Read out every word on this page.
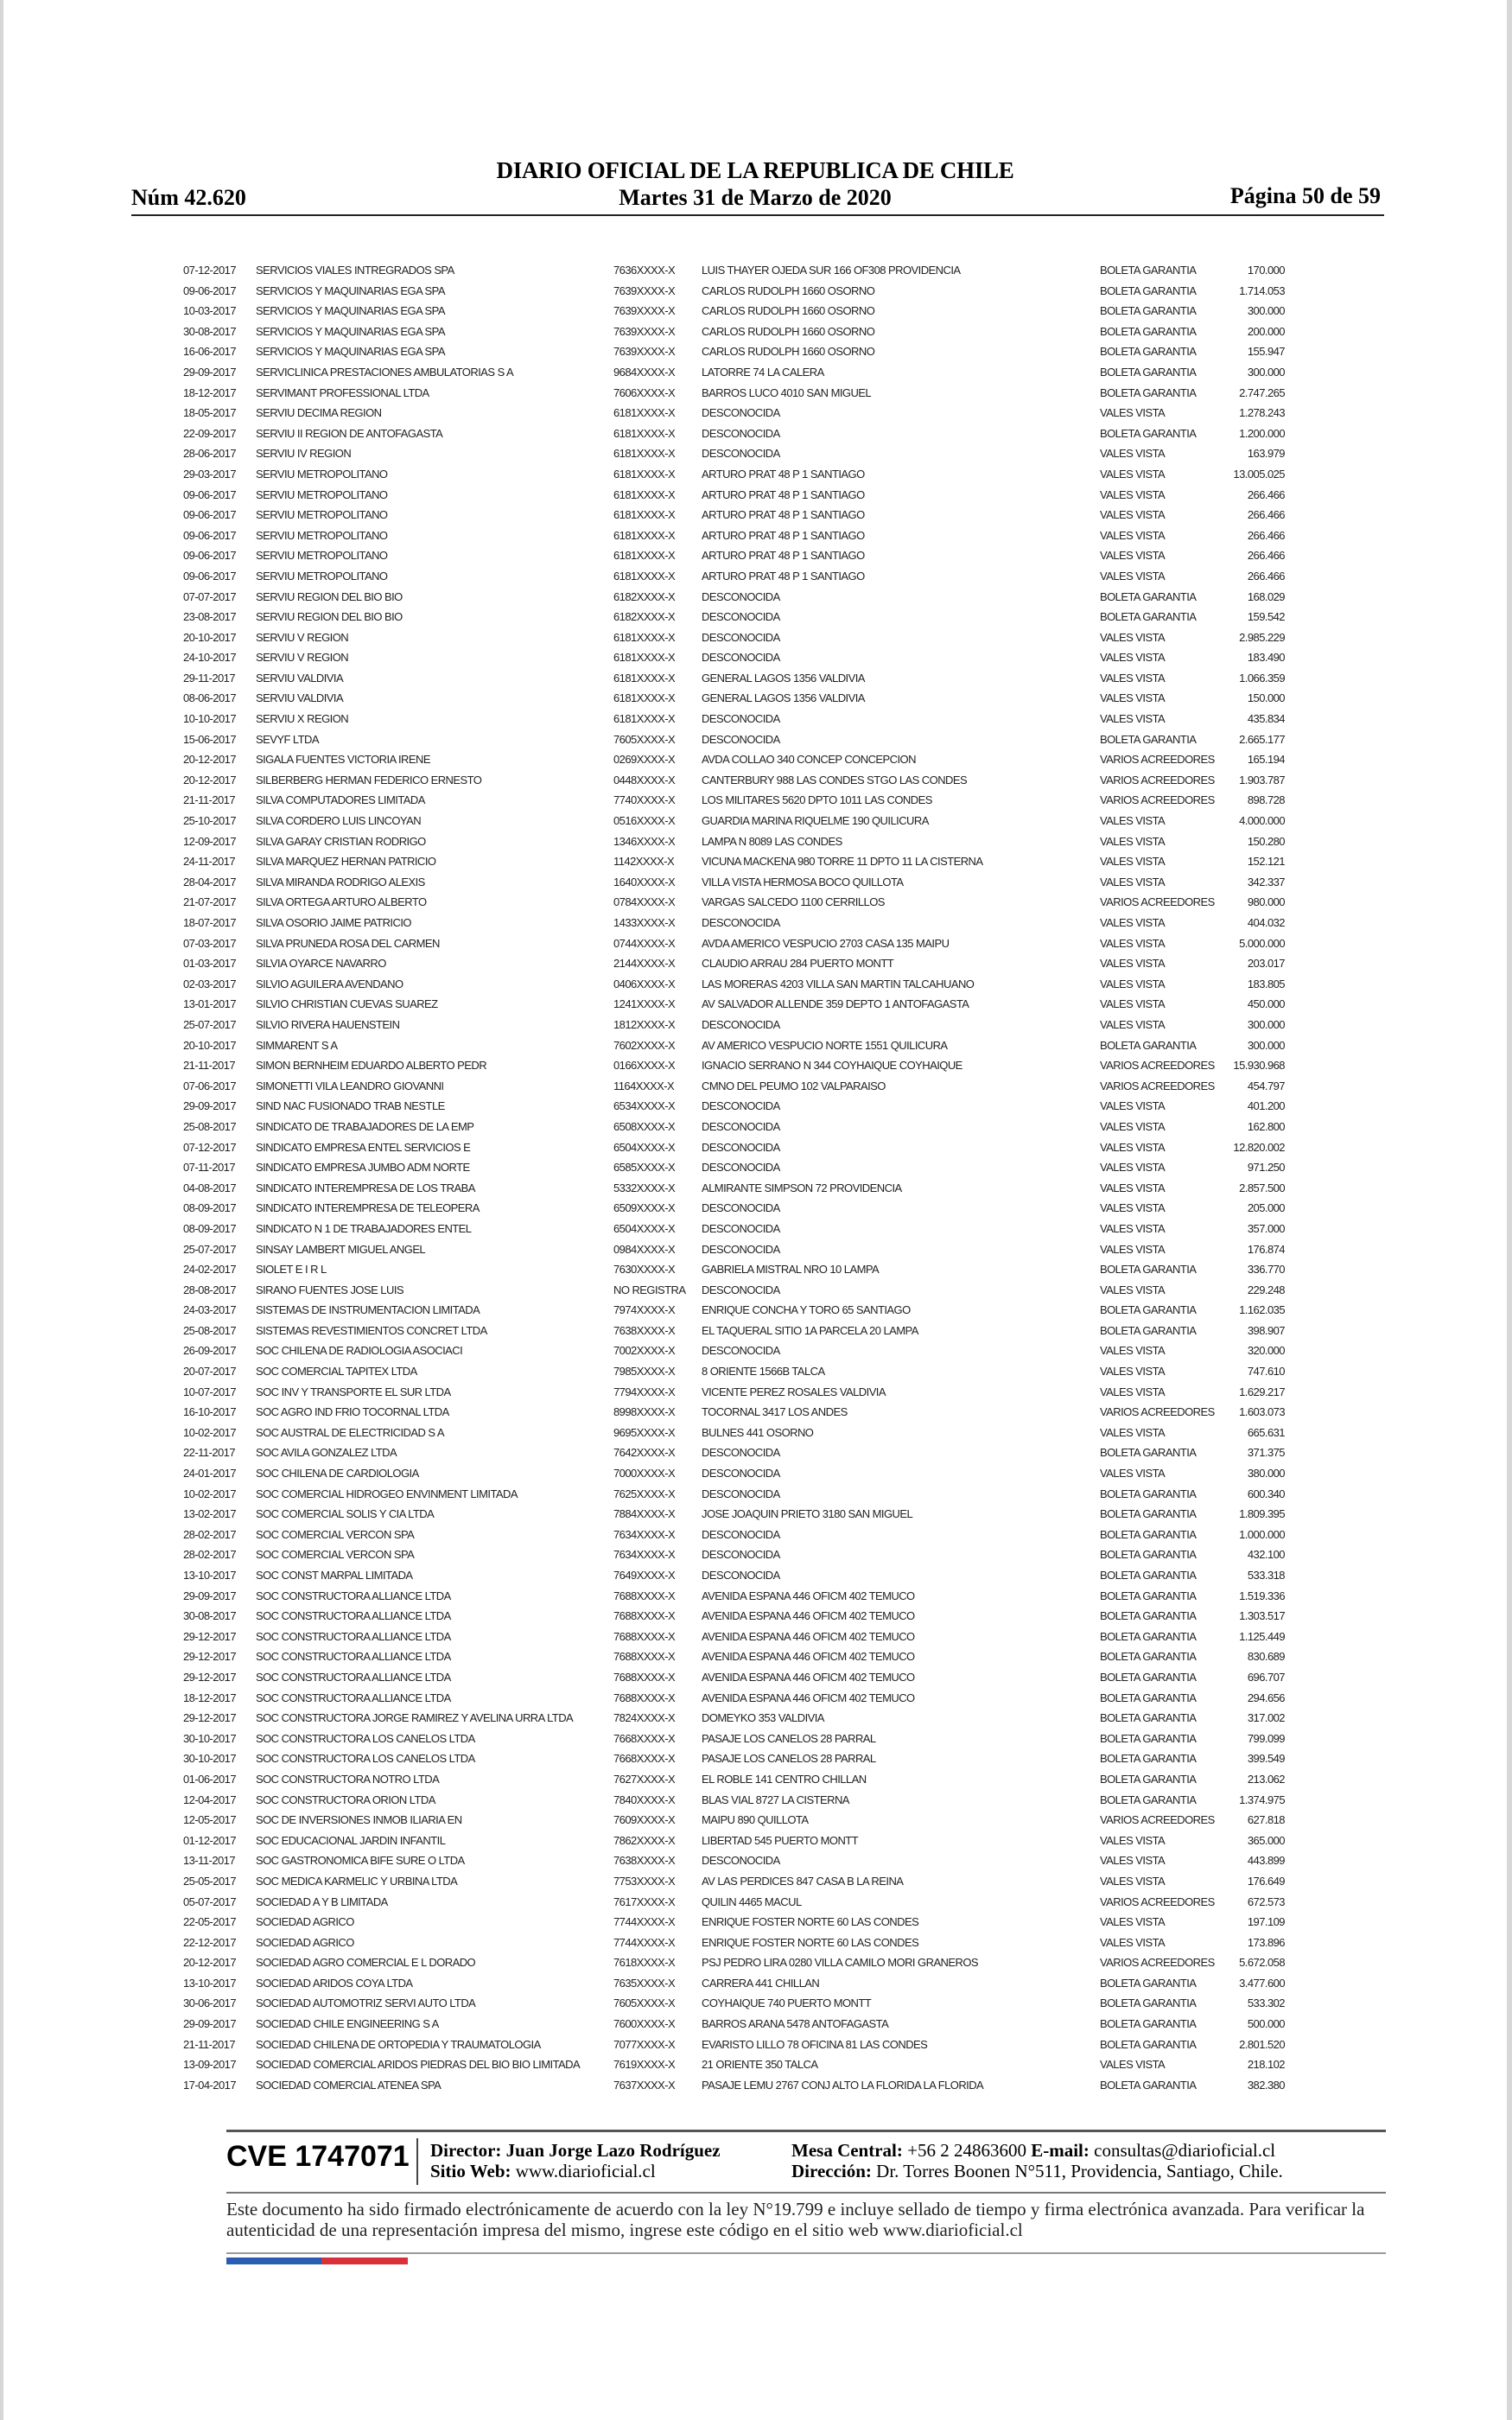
DIARIO OFICIAL DE LA REPUBLICA DE CHILE
Núm 42.620	Martes 31 de Marzo de 2020	Página 50 de 59
07-12-2017	SERVICIOS VIALES INTREGRADOS SPA	7636XXXX-X	LUIS THAYER OJEDA SUR 166 OF308 PROVIDENCIA	BOLETA GARANTIA	170.000
09-06-2017	SERVICIOS Y MAQUINARIAS EGA SPA	7639XXXX-X	CARLOS RUDOLPH 1660 OSORNO	BOLETA GARANTIA	1.714.053
10-03-2017	SERVICIOS Y MAQUINARIAS EGA SPA	7639XXXX-X	CARLOS RUDOLPH 1660 OSORNO	BOLETA GARANTIA	300.000
30-08-2017	SERVICIOS Y MAQUINARIAS EGA SPA	7639XXXX-X	CARLOS RUDOLPH 1660 OSORNO	BOLETA GARANTIA	200.000
16-06-2017	SERVICIOS Y MAQUINARIAS EGA SPA	7639XXXX-X	CARLOS RUDOLPH 1660 OSORNO	BOLETA GARANTIA	155.947
29-09-2017	SERVICLINICA PRESTACIONES AMBULATORIAS S A	9684XXXX-X	LATORRE 74 LA CALERA	BOLETA GARANTIA	300.000
18-12-2017	SERVIMANT PROFESSIONAL LTDA	7606XXXX-X	BARROS LUCO 4010 SAN MIGUEL	BOLETA GARANTIA	2.747.265
18-05-2017	SERVIU DECIMA REGION	6181XXXX-X	DESCONOCIDA	VALES VISTA	1.278.243
22-09-2017	SERVIU II REGION DE ANTOFAGASTA	6181XXXX-X	DESCONOCIDA	BOLETA GARANTIA	1.200.000
28-06-2017	SERVIU IV REGION	6181XXXX-X	DESCONOCIDA	VALES VISTA	163.979
29-03-2017	SERVIU METROPOLITANO	6181XXXX-X	ARTURO PRAT 48 P 1 SANTIAGO	VALES VISTA	13.005.025
09-06-2017	SERVIU METROPOLITANO	6181XXXX-X	ARTURO PRAT 48 P 1 SANTIAGO	VALES VISTA	266.466
09-06-2017	SERVIU METROPOLITANO	6181XXXX-X	ARTURO PRAT 48 P 1 SANTIAGO	VALES VISTA	266.466
09-06-2017	SERVIU METROPOLITANO	6181XXXX-X	ARTURO PRAT 48 P 1 SANTIAGO	VALES VISTA	266.466
09-06-2017	SERVIU METROPOLITANO	6181XXXX-X	ARTURO PRAT 48 P 1 SANTIAGO	VALES VISTA	266.466
09-06-2017	SERVIU METROPOLITANO	6181XXXX-X	ARTURO PRAT 48 P 1 SANTIAGO	VALES VISTA	266.466
07-07-2017	SERVIU REGION DEL BIO BIO	6182XXXX-X	DESCONOCIDA	BOLETA GARANTIA	168.029
23-08-2017	SERVIU REGION DEL BIO BIO	6182XXXX-X	DESCONOCIDA	BOLETA GARANTIA	159.542
20-10-2017	SERVIU V REGION	6181XXXX-X	DESCONOCIDA	VALES VISTA	2.985.229
24-10-2017	SERVIU V REGION	6181XXXX-X	DESCONOCIDA	VALES VISTA	183.490
29-11-2017	SERVIU VALDIVIA	6181XXXX-X	GENERAL LAGOS 1356 VALDIVIA	VALES VISTA	1.066.359
08-06-2017	SERVIU VALDIVIA	6181XXXX-X	GENERAL LAGOS 1356 VALDIVIA	VALES VISTA	150.000
10-10-2017	SERVIU X REGION	6181XXXX-X	DESCONOCIDA	VALES VISTA	435.834
15-06-2017	SEVYF LTDA	7605XXXX-X	DESCONOCIDA	BOLETA GARANTIA	2.665.177
20-12-2017	SIGALA FUENTES VICTORIA IRENE	0269XXXX-X	AVDA COLLAO 340 CONCEP CONCEPCION	VARIOS ACREEDORES	165.194
20-12-2017	SILBERBERG HERMAN FEDERICO ERNESTO	0448XXXX-X	CANTERBURY 988 LAS CONDES STGO LAS CONDES	VARIOS ACREEDORES	1.903.787
21-11-2017	SILVA COMPUTADORES LIMITADA	7740XXXX-X	LOS MILITARES 5620 DPTO 1011 LAS CONDES	VARIOS ACREEDORES	898.728
25-10-2017	SILVA CORDERO LUIS LINCOYAN	0516XXXX-X	GUARDIA MARINA RIQUELME 190 QUILICURA	VALES VISTA	4.000.000
12-09-2017	SILVA GARAY CRISTIAN RODRIGO	1346XXXX-X	LAMPA N 8089 LAS CONDES	VALES VISTA	150.280
24-11-2017	SILVA MARQUEZ HERNAN PATRICIO	1142XXXX-X	VICUNA MACKENA 980 TORRE 11 DPTO 11 LA CISTERNA	VALES VISTA	152.121
28-04-2017	SILVA MIRANDA RODRIGO ALEXIS	1640XXXX-X	VILLA VISTA HERMOSA BOCO QUILLOTA	VALES VISTA	342.337
21-07-2017	SILVA ORTEGA ARTURO ALBERTO	0784XXXX-X	VARGAS SALCEDO 1100 CERRILLOS	VARIOS ACREEDORES	980.000
18-07-2017	SILVA OSORIO JAIME PATRICIO	1433XXXX-X	DESCONOCIDA	VALES VISTA	404.032
07-03-2017	SILVA PRUNEDA ROSA DEL CARMEN	0744XXXX-X	AVDA AMERICO VESPUCIO 2703 CASA 135 MAIPU	VALES VISTA	5.000.000
01-03-2017	SILVIA OYARCE NAVARRO	2144XXXX-X	CLAUDIO ARRAU 284 PUERTO MONTT	VALES VISTA	203.017
02-03-2017	SILVIO AGUILERA AVENDANO	0406XXXX-X	LAS MORERAS 4203 VILLA SAN MARTIN TALCAHUANO	VALES VISTA	183.805
13-01-2017	SILVIO CHRISTIAN CUEVAS SUAREZ	1241XXXX-X	AV SALVADOR ALLENDE 359 DEPTO 1 ANTOFAGASTA	VALES VISTA	450.000
25-07-2017	SILVIO RIVERA HAUENSTEIN	1812XXXX-X	DESCONOCIDA	VALES VISTA	300.000
20-10-2017	SIMMARENT S A	7602XXXX-X	AV AMERICO VESPUCIO NORTE 1551 QUILICURA	BOLETA GARANTIA	300.000
21-11-2017	SIMON BERNHEIM EDUARDO ALBERTO PEDR	0166XXXX-X	IGNACIO SERRANO N 344 COYHAIQUE COYHAIQUE	VARIOS ACREEDORES	15.930.968
07-06-2017	SIMONETTI VILA LEANDRO GIOVANNI	1164XXXX-X	CMNO DEL PEUMO 102 VALPARAISO	VARIOS ACREEDORES	454.797
29-09-2017	SIND NAC FUSIONADO TRAB NESTLE	6534XXXX-X	DESCONOCIDA	VALES VISTA	401.200
25-08-2017	SINDICATO DE TRABAJADORES DE LA EMP	6508XXXX-X	DESCONOCIDA	VALES VISTA	162.800
07-12-2017	SINDICATO EMPRESA ENTEL SERVICIOS E	6504XXXX-X	DESCONOCIDA	VALES VISTA	12.820.002
07-11-2017	SINDICATO EMPRESA JUMBO ADM NORTE	6585XXXX-X	DESCONOCIDA	VALES VISTA	971.250
04-08-2017	SINDICATO INTEREMPRESA DE LOS TRABA	5332XXXX-X	ALMIRANTE SIMPSON 72 PROVIDENCIA	VALES VISTA	2.857.500
08-09-2017	SINDICATO INTEREMPRESA DE TELEOPERA	6509XXXX-X	DESCONOCIDA	VALES VISTA	205.000
08-09-2017	SINDICATO N 1 DE TRABAJADORES ENTEL	6504XXXX-X	DESCONOCIDA	VALES VISTA	357.000
25-07-2017	SINSAY LAMBERT MIGUEL ANGEL	0984XXXX-X	DESCONOCIDA	VALES VISTA	176.874
24-02-2017	SIOLET E I R L	7630XXXX-X	GABRIELA MISTRAL NRO 10 LAMPA	BOLETA GARANTIA	336.770
28-08-2017	SIRANO FUENTES JOSE LUIS	NO REGISTRA	DESCONOCIDA	VALES VISTA	229.248
24-03-2017	SISTEMAS DE INSTRUMENTACION LIMITADA	7974XXXX-X	ENRIQUE CONCHA Y TORO 65 SANTIAGO	BOLETA GARANTIA	1.162.035
25-08-2017	SISTEMAS REVESTIMIENTOS CONCRET LTDA	7638XXXX-X	EL TAQUERAL SITIO 1A PARCELA 20 LAMPA	BOLETA GARANTIA	398.907
26-09-2017	SOC CHILENA DE RADIOLOGIA ASOCIACI	7002XXXX-X	DESCONOCIDA	VALES VISTA	320.000
20-07-2017	SOC COMERCIAL TAPITEX LTDA	7985XXXX-X	8 ORIENTE 1566B TALCA	VALES VISTA	747.610
10-07-2017	SOC INV Y TRANSPORTE EL SUR LTDA	7794XXXX-X	VICENTE PEREZ ROSALES VALDIVIA	VALES VISTA	1.629.217
16-10-2017	SOC AGRO IND FRIO TOCORNAL LTDA	8998XXXX-X	TOCORNAL 3417 LOS ANDES	VARIOS ACREEDORES	1.603.073
10-02-2017	SOC AUSTRAL DE ELECTRICIDAD S A	9695XXXX-X	BULNES 441 OSORNO	VALES VISTA	665.631
22-11-2017	SOC AVILA GONZALEZ LTDA	7642XXXX-X	DESCONOCIDA	BOLETA GARANTIA	371.375
24-01-2017	SOC CHILENA DE CARDIOLOGIA	7000XXXX-X	DESCONOCIDA	VALES VISTA	380.000
10-02-2017	SOC COMERCIAL HIDROGEO ENVINMENT LIMITADA	7625XXXX-X	DESCONOCIDA	BOLETA GARANTIA	600.340
13-02-2017	SOC COMERCIAL SOLIS Y CIA LTDA	7884XXXX-X	JOSE JOAQUIN PRIETO 3180 SAN MIGUEL	BOLETA GARANTIA	1.809.395
28-02-2017	SOC COMERCIAL VERCON SPA	7634XXXX-X	DESCONOCIDA	BOLETA GARANTIA	1.000.000
28-02-2017	SOC COMERCIAL VERCON SPA	7634XXXX-X	DESCONOCIDA	BOLETA GARANTIA	432.100
13-10-2017	SOC CONST MARPAL LIMITADA	7649XXXX-X	DESCONOCIDA	BOLETA GARANTIA	533.318
29-09-2017	SOC CONSTRUCTORA ALLIANCE LTDA	7688XXXX-X	AVENIDA ESPANA 446 OFICM 402 TEMUCO	BOLETA GARANTIA	1.519.336
30-08-2017	SOC CONSTRUCTORA ALLIANCE LTDA	7688XXXX-X	AVENIDA ESPANA 446 OFICM 402 TEMUCO	BOLETA GARANTIA	1.303.517
29-12-2017	SOC CONSTRUCTORA ALLIANCE LTDA	7688XXXX-X	AVENIDA ESPANA 446 OFICM 402 TEMUCO	BOLETA GARANTIA	1.125.449
29-12-2017	SOC CONSTRUCTORA ALLIANCE LTDA	7688XXXX-X	AVENIDA ESPANA 446 OFICM 402 TEMUCO	BOLETA GARANTIA	830.689
29-12-2017	SOC CONSTRUCTORA ALLIANCE LTDA	7688XXXX-X	AVENIDA ESPANA 446 OFICM 402 TEMUCO	BOLETA GARANTIA	696.707
18-12-2017	SOC CONSTRUCTORA ALLIANCE LTDA	7688XXXX-X	AVENIDA ESPANA 446 OFICM 402 TEMUCO	BOLETA GARANTIA	294.656
29-12-2017	SOC CONSTRUCTORA JORGE RAMIREZ Y AVELINA URRA LTDA	7824XXXX-X	DOMEYKO 353 VALDIVIA	BOLETA GARANTIA	317.002
30-10-2017	SOC CONSTRUCTORA LOS CANELOS LTDA	7668XXXX-X	PASAJE LOS CANELOS 28 PARRAL	BOLETA GARANTIA	799.099
30-10-2017	SOC CONSTRUCTORA LOS CANELOS LTDA	7668XXXX-X	PASAJE LOS CANELOS 28 PARRAL	BOLETA GARANTIA	399.549
01-06-2017	SOC CONSTRUCTORA NOTRO LTDA	7627XXXX-X	EL ROBLE 141 CENTRO CHILLAN	BOLETA GARANTIA	213.062
12-04-2017	SOC CONSTRUCTORA ORION LTDA	7840XXXX-X	BLAS VIAL 8727 LA CISTERNA	BOLETA GARANTIA	1.374.975
12-05-2017	SOC DE INVERSIONES INMOB ILIARIA EN	7609XXXX-X	MAIPU 890 QUILLOTA	VARIOS ACREEDORES	627.818
01-12-2017	SOC EDUCACIONAL JARDIN INFANTIL	7862XXXX-X	LIBERTAD 545 PUERTO MONTT	VALES VISTA	365.000
13-11-2017	SOC GASTRONOMICA BIFE SURE O LTDA	7638XXXX-X	DESCONOCIDA	VALES VISTA	443.899
25-05-2017	SOC MEDICA KARMELIC Y URBINA LTDA	7753XXXX-X	AV LAS PERDICES 847 CASA B LA REINA	VALES VISTA	176.649
05-07-2017	SOCIEDAD A Y B LIMITADA	7617XXXX-X	QUILIN 4465 MACUL	VARIOS ACREEDORES	672.573
22-05-2017	SOCIEDAD AGRICO	7744XXXX-X	ENRIQUE FOSTER NORTE 60 LAS CONDES	VALES VISTA	197.109
22-12-2017	SOCIEDAD AGRICO	7744XXXX-X	ENRIQUE FOSTER NORTE 60 LAS CONDES	VALES VISTA	173.896
20-12-2017	SOCIEDAD AGRO COMERCIAL E L DORADO	7618XXXX-X	PSJ PEDRO LIRA 0280 VILLA CAMILO MORI GRANEROS	VARIOS ACREEDORES	5.672.058
13-10-2017	SOCIEDAD ARIDOS COYA LTDA	7635XXXX-X	CARRERA 441 CHILLAN	BOLETA GARANTIA	3.477.600
30-06-2017	SOCIEDAD AUTOMOTRIZ SERVI AUTO LTDA	7605XXXX-X	COYHAIQUE 740 PUERTO MONTT	BOLETA GARANTIA	533.302
29-09-2017	SOCIEDAD CHILE ENGINEERING S A	7600XXXX-X	BARROS ARANA 5478 ANTOFAGASTA	BOLETA GARANTIA	500.000
21-11-2017	SOCIEDAD CHILENA DE ORTOPEDIA Y TRAUMATOLOGIA	7077XXXX-X	EVARISTO LILLO 78 OFICINA 81 LAS CONDES	BOLETA GARANTIA	2.801.520
13-09-2017	SOCIEDAD COMERCIAL ARIDOS PIEDRAS DEL BIO BIO LIMITADA	7619XXXX-X	21 ORIENTE 350 TALCA	VALES VISTA	218.102
17-04-2017	SOCIEDAD COMERCIAL ATENEA SPA	7637XXXX-X	PASAJE LEMU 2767 CONJ ALTO LA FLORIDA LA FLORIDA	BOLETA GARANTIA	382.380
CVE 1747071 Director: Juan Jorge Lazo Rodríguez
Sitio Web: www.diarioficial.cl
Mesa Central: +56 2 24863600 E-mail: consultas@diarioficial.cl
Dirección: Dr. Torres Boonen N°511, Providencia, Santiago, Chile.
Este documento ha sido firmado electrónicamente de acuerdo con la ley N°19.799 e incluye sellado de tiempo y firma electrónica avanzada. Para verificar la autenticidad de una representación impresa del mismo, ingrese este código en el sitio web www.diarioficial.cl
